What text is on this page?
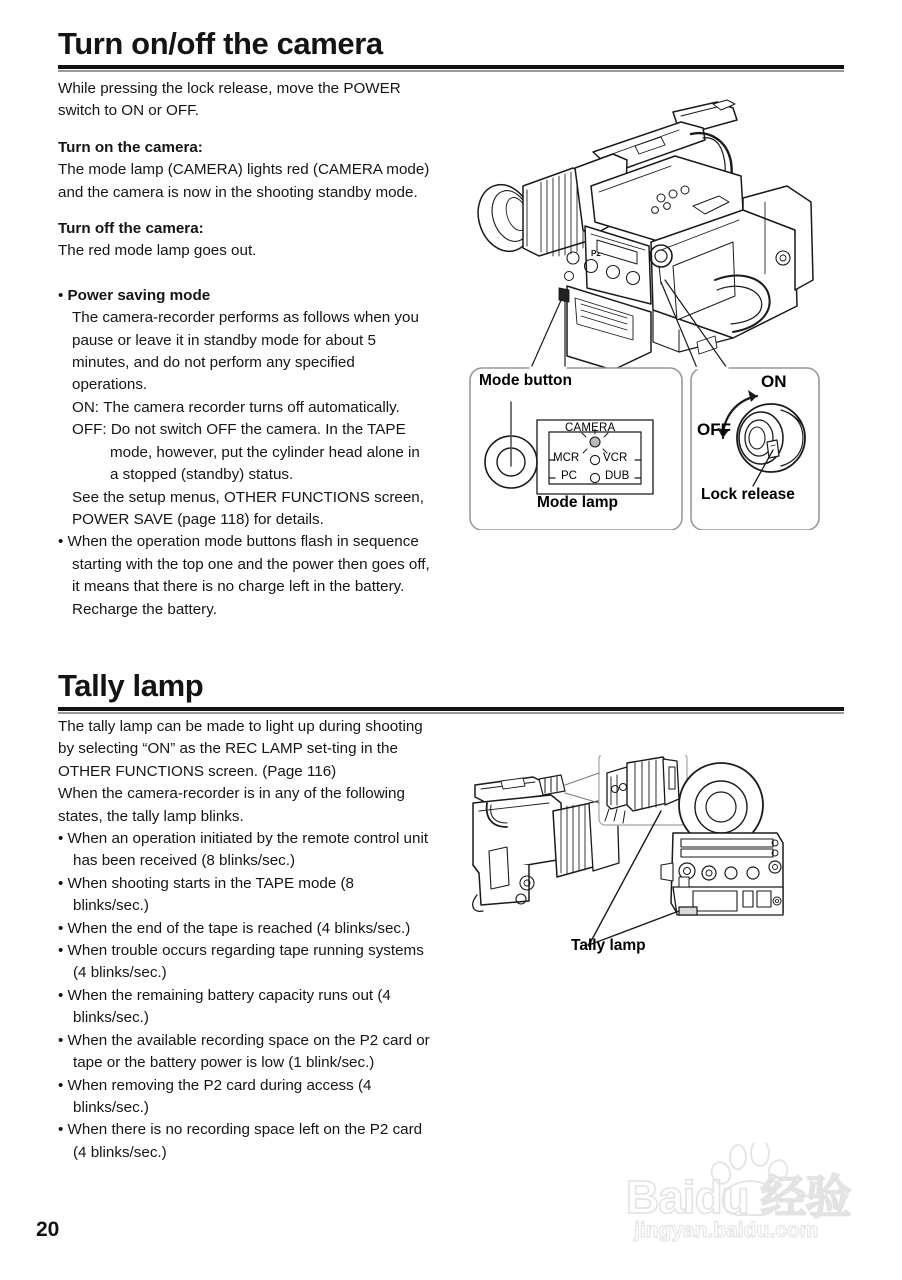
Turn on/off the camera

While pressing the lock release, move the POWER switch to ON or OFF.

Turn on the camera:

The mode lamp (CAMERA) lights red (CAMERA mode) and the camera is now in the shooting standby mode.

Turn off the camera:

The red mode lamp goes out.

• Power saving mode

The camera-recorder performs as follows when you pause or leave it in standby mode for about 5 minutes, and do not perform any specified operations.

ON: The camera recorder turns off automatically.

OFF: Do not switch OFF the camera. In the TAPE mode, however, put the cylinder head alone in a stopped (standby) status.

See the setup menus, OTHER FUNCTIONS screen, POWER SAVE (page 118) for details.

• When the operation mode buttons flash in sequence starting with the top one and the power then goes off, it means that there is no charge left in the battery. Recharge the battery.

P2
Mode button
Mode lamp
CAMERA
MCR VCR
PC DUB
ON
OFF
Lock release
Tally lamp

The tally lamp can be made to light up during shooting by selecting “ON” as the REC LAMP set-ting in the OTHER FUNCTIONS screen. (Page 116)

When the camera-recorder is in any of the following states, the tally lamp blinks.

• When an operation initiated by the remote control unit has been received (8 blinks/sec.)
• When shooting starts in the TAPE mode (8 blinks/sec.)
• When the end of the tape is reached (4 blinks/sec.)
• When trouble occurs regarding tape running systems (4 blinks/sec.)
• When the remaining battery capacity runs out (4 blinks/sec.)
• When the available recording space on the P2 card or tape or the battery power is low (1 blink/sec.)
• When removing the P2 card during access (4 blinks/sec.)
• When there is no recording space left on the P2 card (4 blinks/sec.)
Tally lamp
Baidu 经验
jingyan.baidu.com
20
